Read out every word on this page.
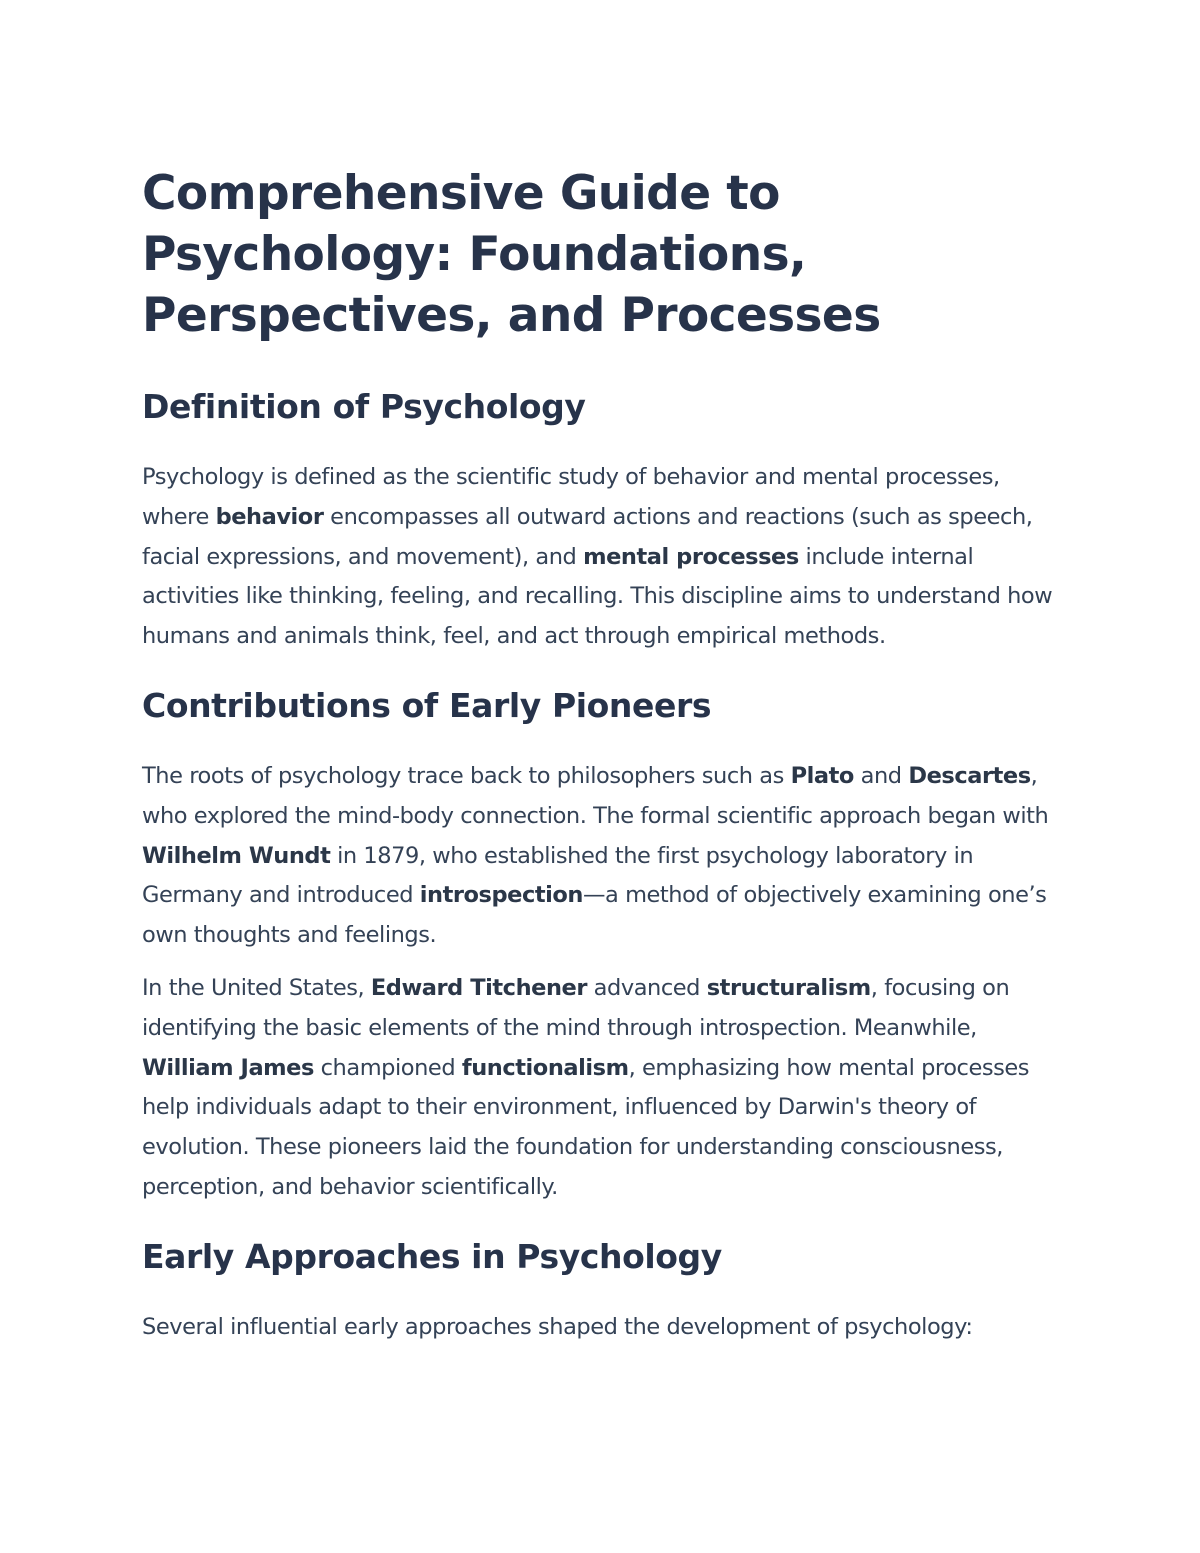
Comprehensive Guide to Psychology: Foundations, Perspectives, and Processes
Definition of Psychology

Psychology is defined as the scientific study of behavior and mental processes, where behavior encompasses all outward actions and reactions (such as speech, facial expressions, and movement), and mental processes include internal activities like thinking, feeling, and recalling. This discipline aims to understand how humans and animals think, feel, and act through empirical methods.

Contributions of Early Pioneers

The roots of psychology trace back to philosophers such as Plato and Descartes, who explored the mind-body connection. The formal scientific approach began with Wilhelm Wundt in 1879, who established the first psychology laboratory in Germany and introduced introspection—a method of objectively examining one’s own thoughts and feelings.

In the United States, Edward Titchener advanced structuralism, focusing on identifying the basic elements of the mind through introspection. Meanwhile, William James championed functionalism, emphasizing how mental processes help individuals adapt to their environment, influenced by Darwin's theory of evolution. These pioneers laid the foundation for understanding consciousness, perception, and behavior scientifically.

Early Approaches in Psychology

Several influential early approaches shaped the development of psychology:
